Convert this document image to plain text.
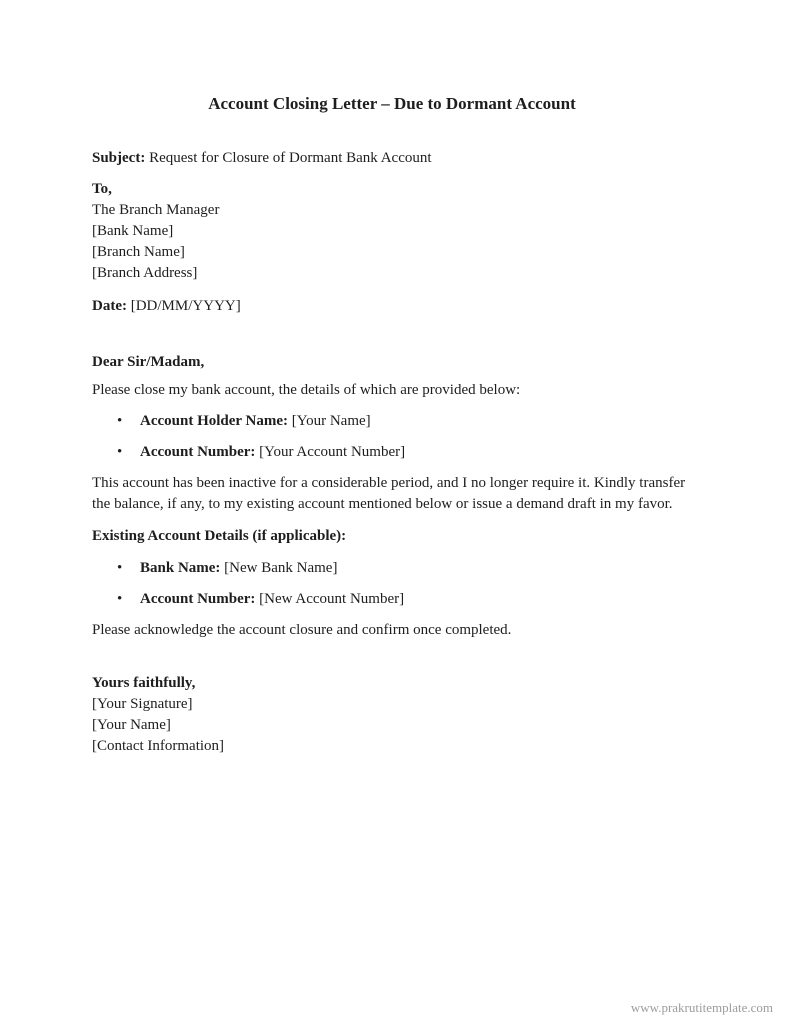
Account Closing Letter – Due to Dormant Account

Subject: Request for Closure of Dormant Bank Account

To,
The Branch Manager
[Bank Name]
[Branch Name]
[Branch Address]

Date: [DD/MM/YYYY]

Dear Sir/Madam,

Please close my bank account, the details of which are provided below:

• Account Holder Name: [Your Name]
• Account Number: [Your Account Number]

This account has been inactive for a considerable period, and I no longer require it. Kindly transfer the balance, if any, to my existing account mentioned below or issue a demand draft in my favor.

Existing Account Details (if applicable):

• Bank Name: [New Bank Name]
• Account Number: [New Account Number]

Please acknowledge the account closure and confirm once completed.

Yours faithfully,
[Your Signature]
[Your Name]
[Contact Information]
www.prakrutitemplate.com
